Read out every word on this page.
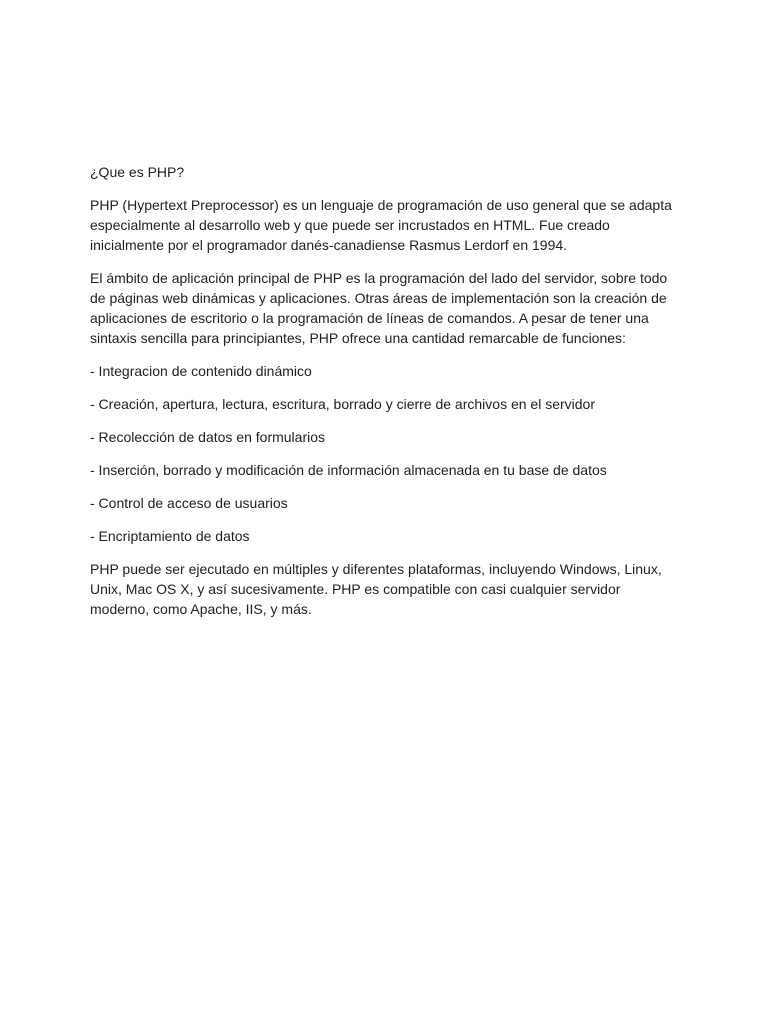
¿Que es PHP?

PHP (Hypertext Preprocessor) es un lenguaje de programación de uso general que se adapta especialmente al desarrollo web y que puede ser incrustados en HTML. Fue creado inicialmente por el programador danés-canadiense Rasmus Lerdorf en 1994.

El ámbito de aplicación principal de PHP es la programación del lado del servidor, sobre todo de páginas web dinámicas y aplicaciones. Otras áreas de implementación son la creación de aplicaciones de escritorio o la programación de líneas de comandos. A pesar de tener una sintaxis sencilla para principiantes, PHP ofrece una cantidad remarcable de funciones:

- Integracion de contenido dinámico
- Creación, apertura, lectura, escritura, borrado y cierre de archivos en el servidor
- Recolección de datos en formularios
- Inserción, borrado y modificación de información almacenada en tu base de datos
- Control de acceso de usuarios
- Encriptamiento de datos

PHP puede ser ejecutado en múltiples y diferentes plataformas, incluyendo Windows, Linux, Unix, Mac OS X, y así sucesivamente. PHP es compatible con casi cualquier servidor moderno, como Apache, IIS, y más.
